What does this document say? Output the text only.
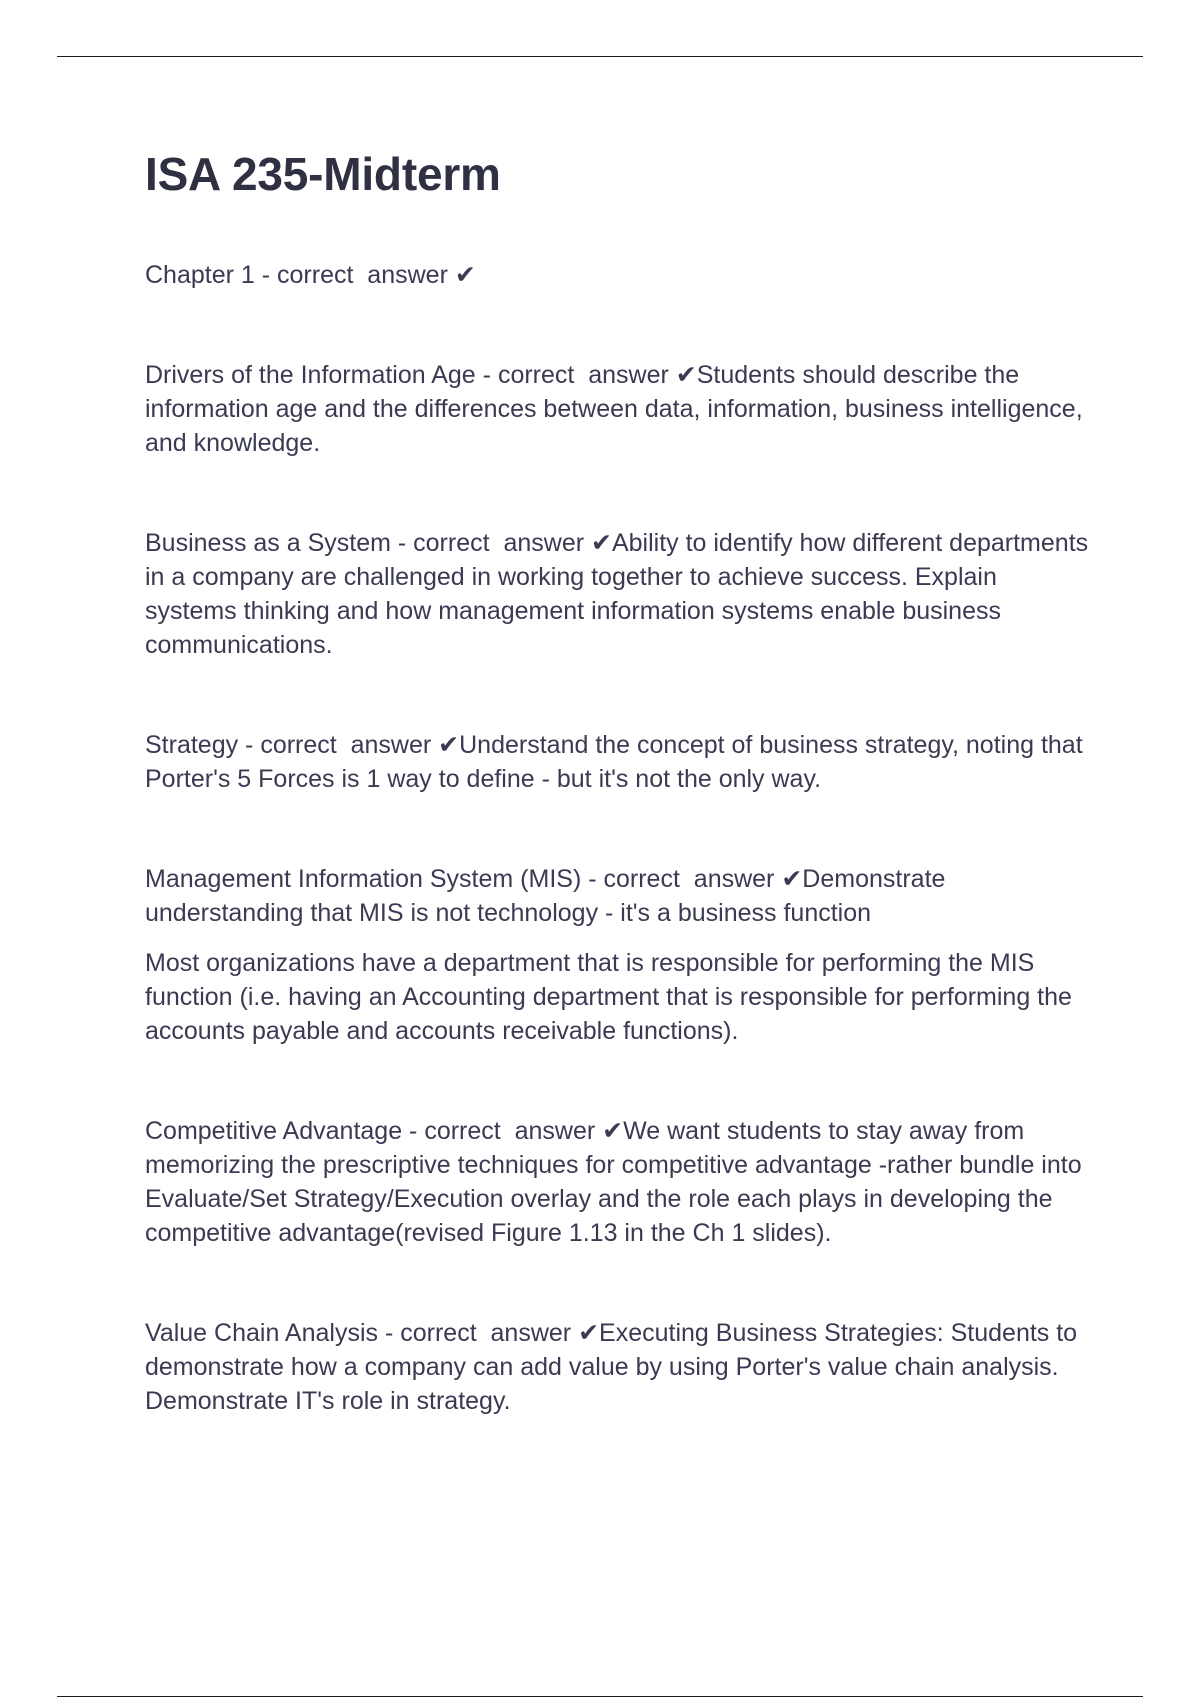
ISA 235-Midterm

Chapter 1 - correct  answer ✔

Drivers of the Information Age - correct  answer ✔Students should describe the information age and the differences between data, information, business intelligence, and knowledge.

Business as a System - correct  answer ✔Ability to identify how different departments in a company are challenged in working together to achieve success. Explain systems thinking and how management information systems enable business communications.

Strategy - correct  answer ✔Understand the concept of business strategy, noting that Porter's 5 Forces is 1 way to define - but it's not the only way.

Management Information System (MIS) - correct  answer ✔Demonstrate understanding that MIS is not technology - it's a business function

Most organizations have a department that is responsible for performing the MIS function (i.e. having an Accounting department that is responsible for performing the accounts payable and accounts receivable functions).

Competitive Advantage - correct  answer ✔We want students to stay away from memorizing the prescriptive techniques for competitive advantage -rather bundle into Evaluate/Set Strategy/Execution overlay and the role each plays in developing the competitive advantage(revised Figure 1.13 in the Ch 1 slides).

Value Chain Analysis - correct  answer ✔Executing Business Strategies: Students to demonstrate how a company can add value by using Porter's value chain analysis. Demonstrate IT's role in strategy.
